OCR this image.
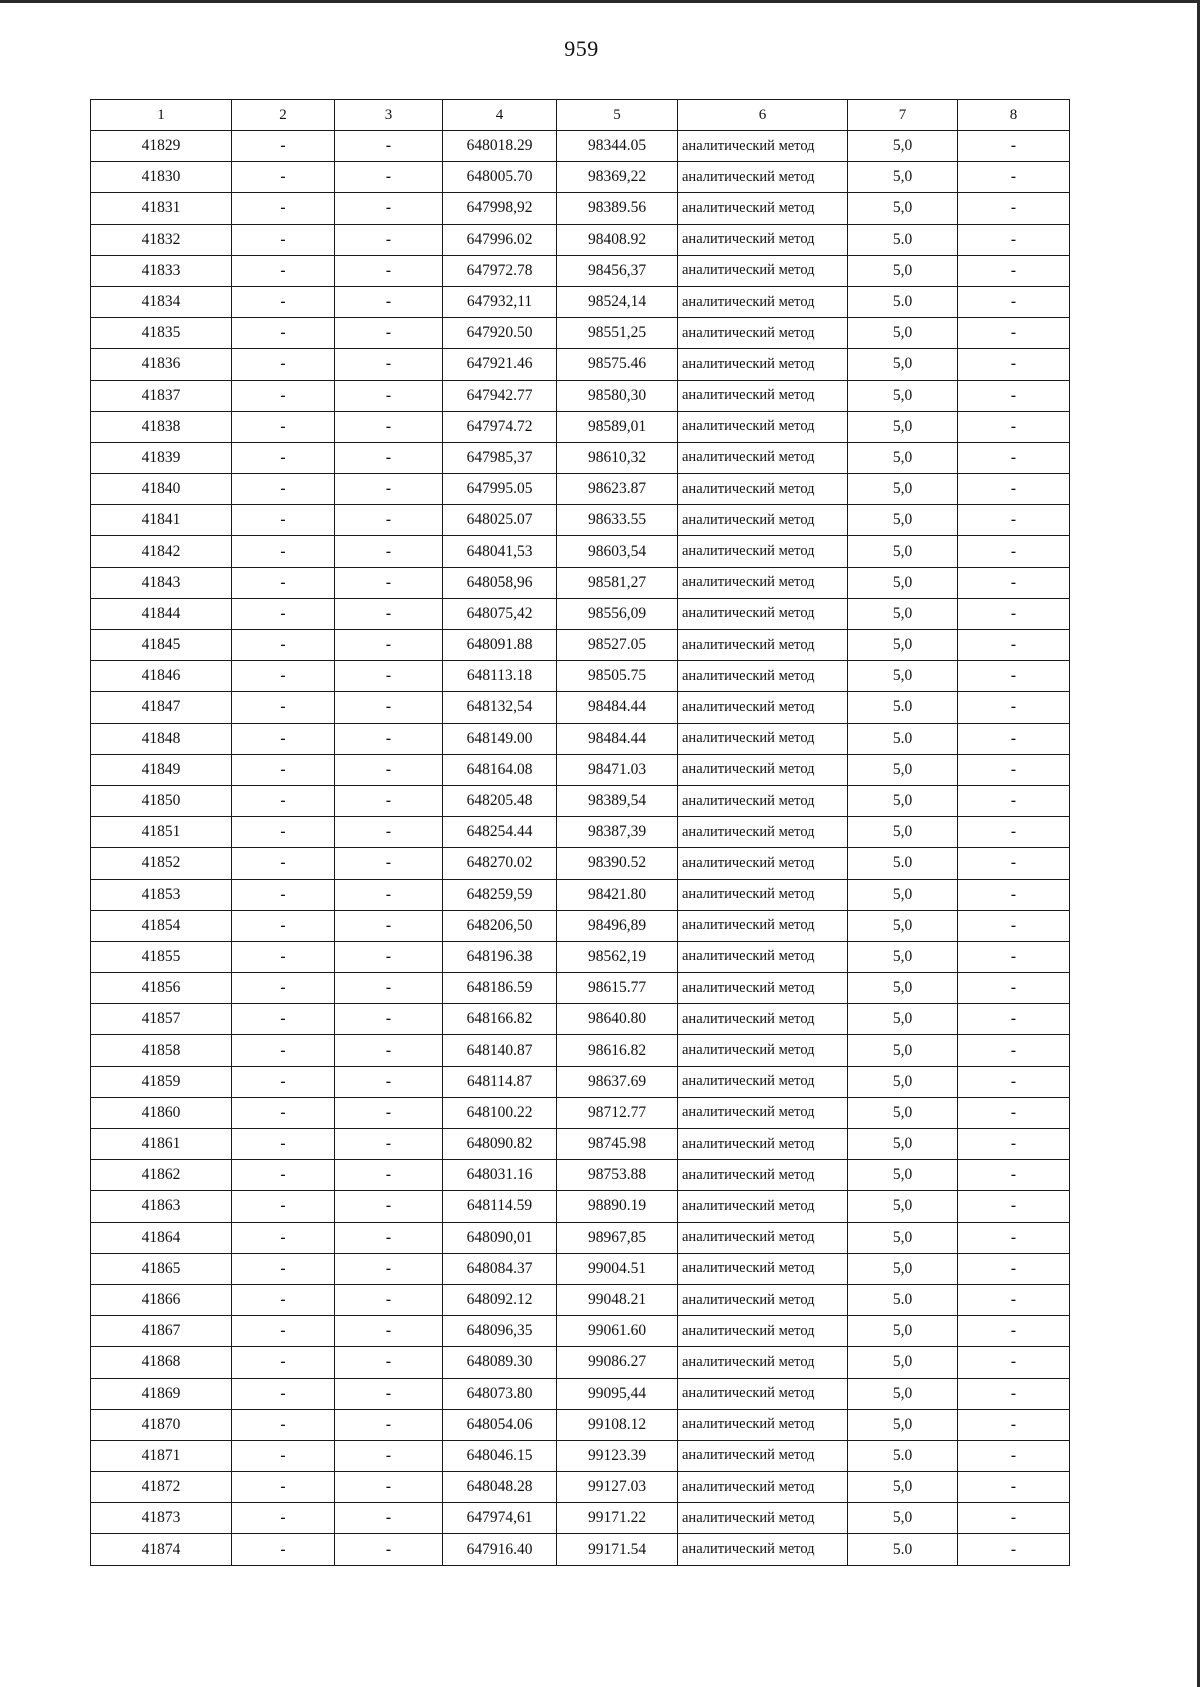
959
1	2	3	4	5	6	7	8
41829	-	-	648018.29	98344.05	аналитический метод	5,0	-
41830	-	-	648005.70	98369,22	аналитический метод	5,0	-
41831	-	-	647998,92	98389.56	аналитический метод	5,0	-
41832	-	-	647996.02	98408.92	аналитический метод	5.0	-
41833	-	-	647972.78	98456,37	аналитический метод	5,0	-
41834	-	-	647932,11	98524,14	аналитический метод	5.0	-
41835	-	-	647920.50	98551,25	аналитический метод	5,0	-
41836	-	-	647921.46	98575.46	аналитический метод	5,0	-
41837	-	-	647942.77	98580,30	аналитический метод	5,0	-
41838	-	-	647974.72	98589,01	аналитический метод	5,0	-
41839	-	-	647985,37	98610,32	аналитический метод	5,0	-
41840	-	-	647995.05	98623.87	аналитический метод	5,0	-
41841	-	-	648025.07	98633.55	аналитический метод	5,0	-
41842	-	-	648041,53	98603,54	аналитический метод	5,0	-
41843	-	-	648058,96	98581,27	аналитический метод	5,0	-
41844	-	-	648075,42	98556,09	аналитический метод	5,0	-
41845	-	-	648091.88	98527.05	аналитический метод	5,0	-
41846	-	-	648113.18	98505.75	аналитический метод	5,0	-
41847	-	-	648132,54	98484.44	аналитический метод	5.0	-
41848	-	-	648149.00	98484.44	аналитический метод	5.0	-
41849	-	-	648164.08	98471.03	аналитический метод	5,0	-
41850	-	-	648205.48	98389,54	аналитический метод	5,0	-
41851	-	-	648254.44	98387,39	аналитический метод	5,0	-
41852	-	-	648270.02	98390.52	аналитический метод	5.0	-
41853	-	-	648259,59	98421.80	аналитический метод	5,0	-
41854	-	-	648206,50	98496,89	аналитический метод	5,0	-
41855	-	-	648196.38	98562,19	аналитический метод	5,0	-
41856	-	-	648186.59	98615.77	аналитический метод	5,0	-
41857	-	-	648166.82	98640.80	аналитический метод	5,0	-
41858	-	-	648140.87	98616.82	аналитический метод	5,0	-
41859	-	-	648114.87	98637.69	аналитический метод	5,0	-
41860	-	-	648100.22	98712.77	аналитический метод	5,0	-
41861	-	-	648090.82	98745.98	аналитический метод	5,0	-
41862	-	-	648031.16	98753.88	аналитический метод	5,0	-
41863	-	-	648114.59	98890.19	аналитический метод	5,0	-
41864	-	-	648090,01	98967,85	аналитический метод	5,0	-
41865	-	-	648084.37	99004.51	аналитический метод	5,0	-
41866	-	-	648092.12	99048.21	аналитический метод	5.0	-
41867	-	-	648096,35	99061.60	аналитический метод	5,0	-
41868	-	-	648089.30	99086.27	аналитический метод	5,0	-
41869	-	-	648073.80	99095,44	аналитический метод	5,0	-
41870	-	-	648054.06	99108.12	аналитический метод	5,0	-
41871	-	-	648046.15	99123.39	аналитический метод	5.0	-
41872	-	-	648048.28	99127.03	аналитический метод	5,0	-
41873	-	-	647974,61	99171.22	аналитический метод	5,0	-
41874	-	-	647916.40	99171.54	аналитический метод	5.0	-
